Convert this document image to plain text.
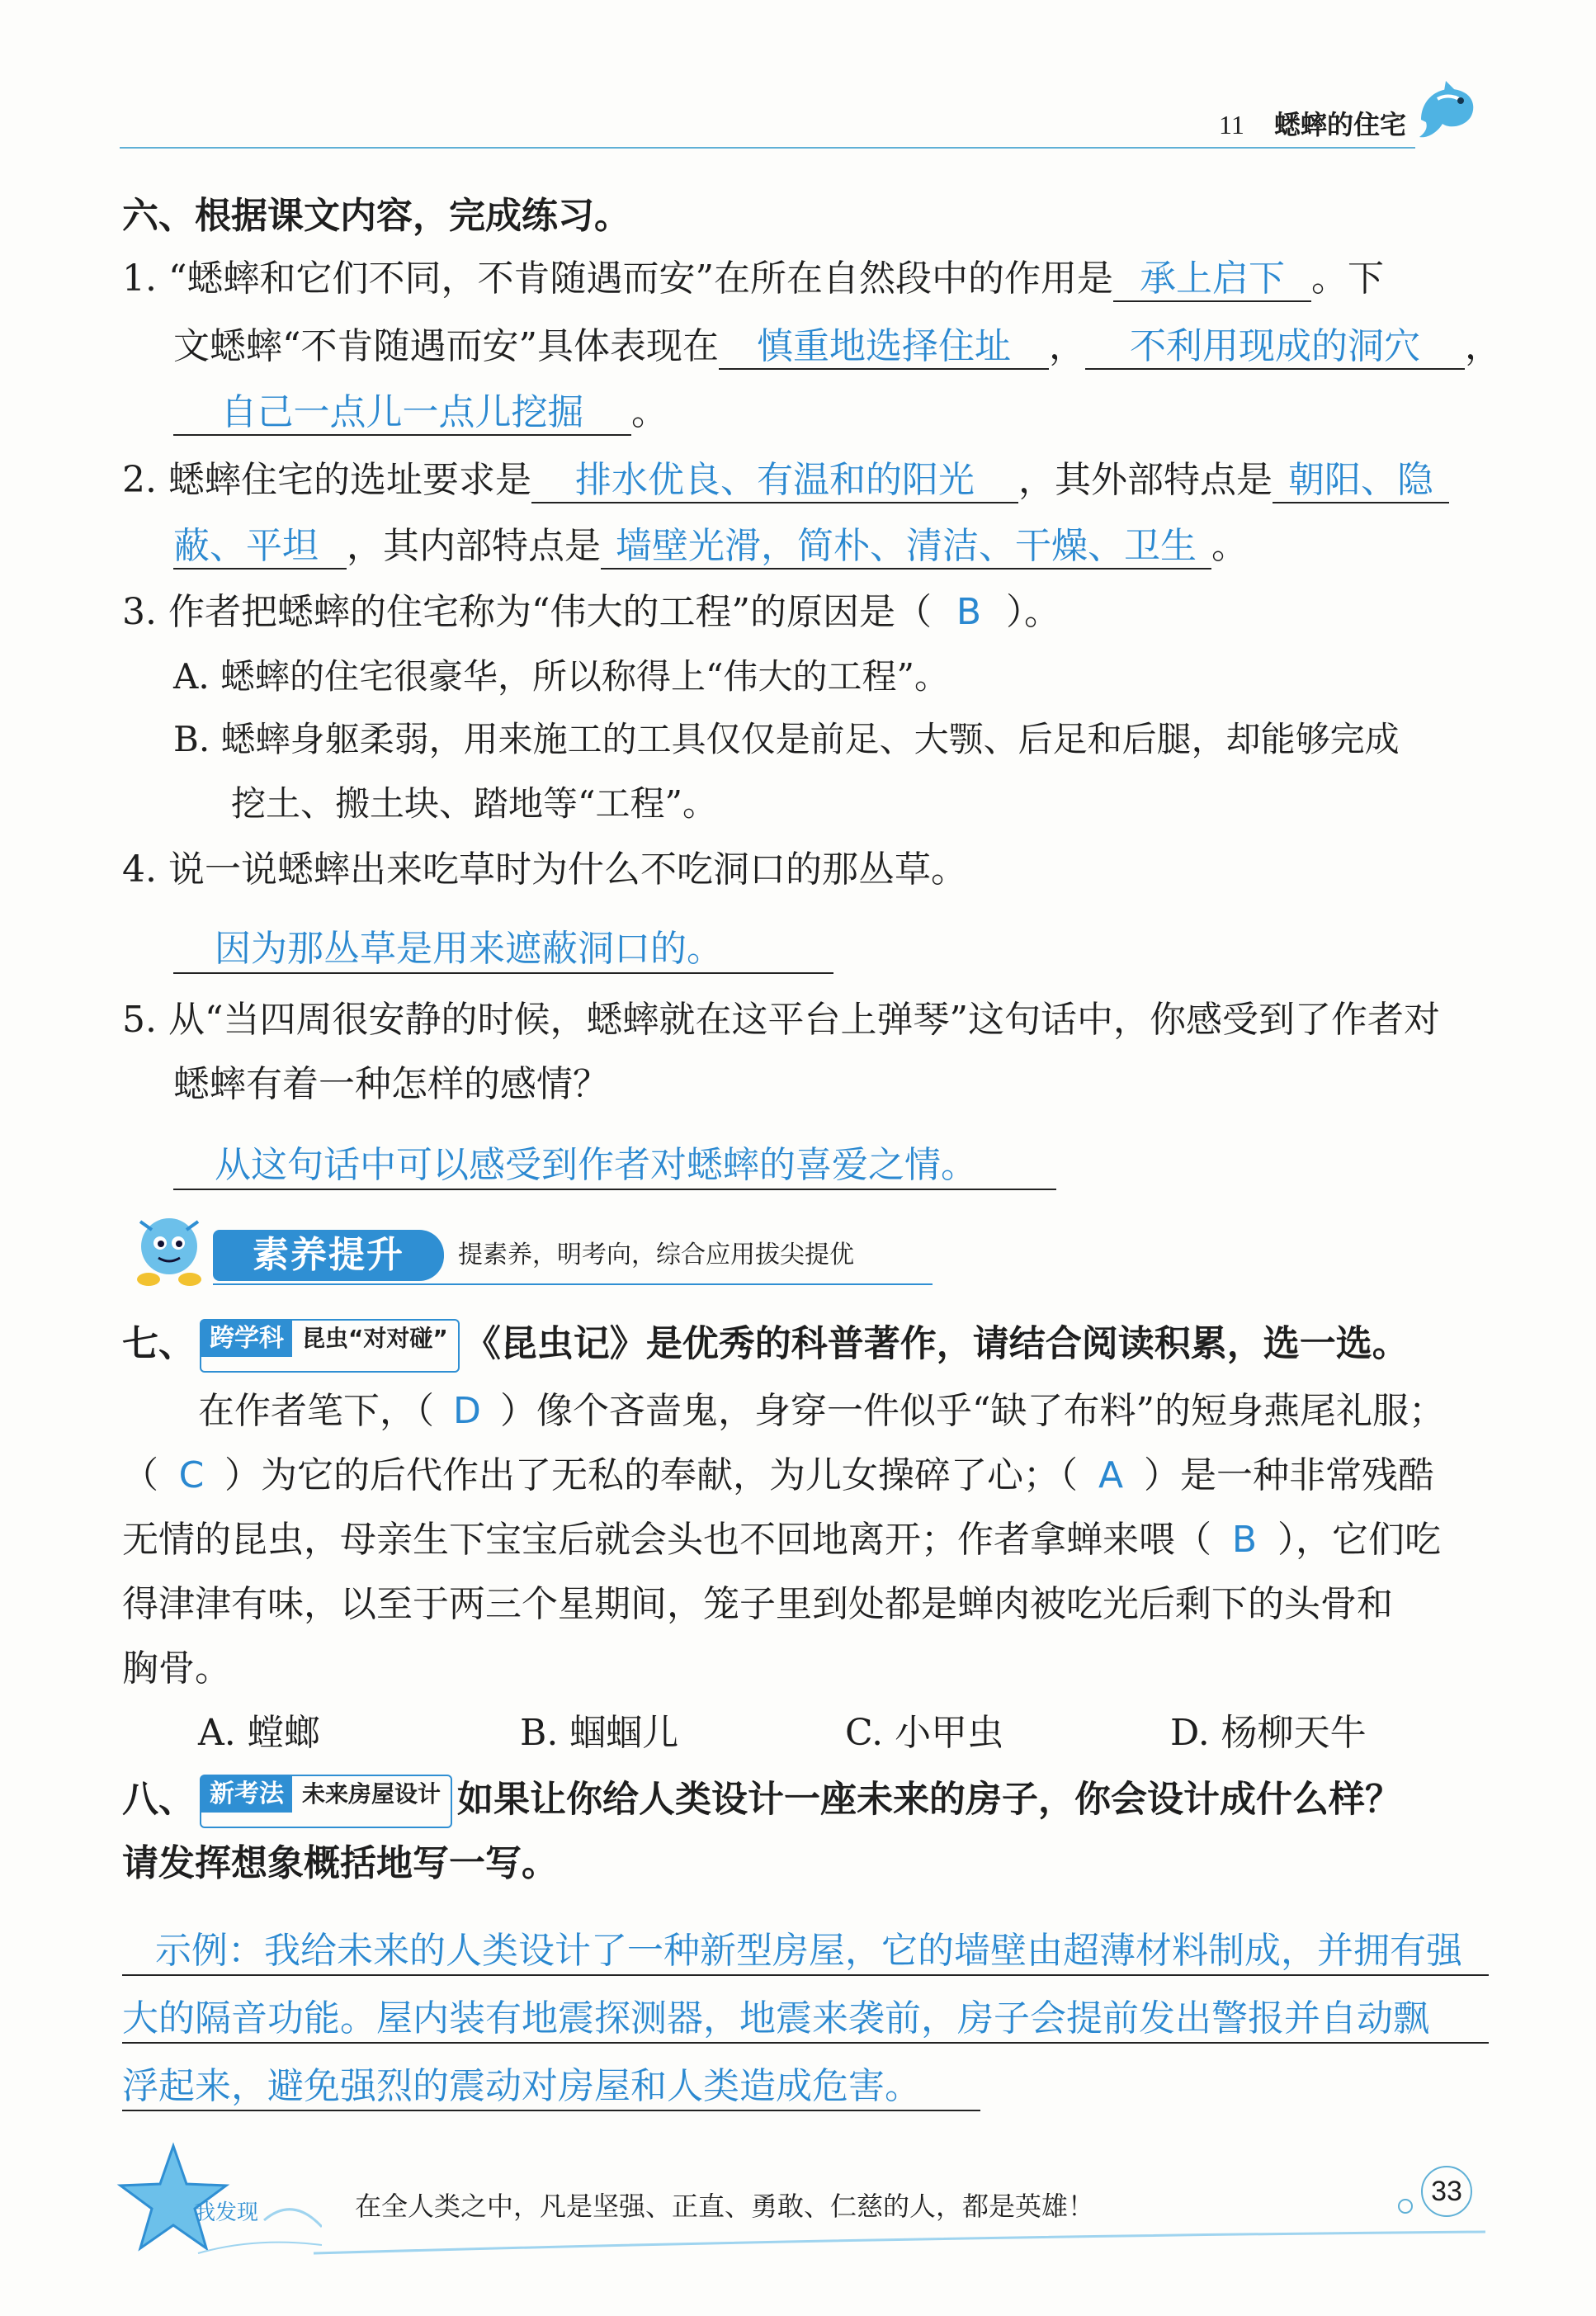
11 蟋蟀的住宅
六、根据课文内容，完成练习。
1. “蟋蟀和它们不同，不肯随遇而安”在所在自然段中的作用是 承上启下 。下
文蟋蟀“不肯随遇而安”具体表现在 慎重地选择住址 ， 不利用现成的洞穴 ，
自己一点儿一点儿挖掘 。
2. 蟋蟀住宅的选址要求是 排水优良、有温和的阳光 ，其外部特点是 朝阳、隐
蔽、平坦 ，其内部特点是 墙壁光滑，简朴、清洁、干燥、卫生 。
3. 作者把蟋蟀的住宅称为“伟大的工程”的原因是（ B ）。
A. 蟋蟀的住宅很豪华，所以称得上“伟大的工程”。
B. 蟋蟀身躯柔弱，用来施工的工具仅仅是前足、大颚、后足和后腿，却能够完成
挖土、搬土块、踏地等“工程”。
4. 说一说蟋蟀出来吃草时为什么不吃洞口的那丛草。
因为那丛草是用来遮蔽洞口的。
5. 从“当四周很安静的时候，蟋蟀就在这平台上弹琴”这句话中，你感受到了作者对
蟋蟀有着一种怎样的感情？
从这句话中可以感受到作者对蟋蟀的喜爱之情。
素养提升	提素养，明考向，综合应用拔尖提优
七、 跨学科 昆虫“对对碰” 《昆虫记》是优秀的科普著作，请结合阅读积累，选一选。
在作者笔下，（ D ）像个吝啬鬼，身穿一件似乎“缺了布料”的短身燕尾礼服；
（ C ）为它的后代作出了无私的奉献，为儿女操碎了心；（ A ）是一种非常残酷
无情的昆虫，母亲生下宝宝后就会头也不回地离开；作者拿蝉来喂（ B ），它们吃
得津津有味，以至于两三个星期间，笼子里到处都是蝉肉被吃光后剩下的头骨和
胸骨。
A. 螳螂	B. 蝈蝈儿	C. 小甲虫	D. 杨柳天牛
八、 新考法 未来房屋设计 如果让你给人类设计一座未来的房子，你会设计成什么样？
请发挥想象概括地写一写。
示例：我给未来的人类设计了一种新型房屋，它的墙壁由超薄材料制成，并拥有强
大的隔音功能。屋内装有地震探测器，地震来袭前，房子会提前发出警报并自动飘
浮起来，避免强烈的震动对房屋和人类造成危害。
我发现	在全人类之中，凡是坚强、正直、勇敢、仁慈的人，都是英雄！	33
